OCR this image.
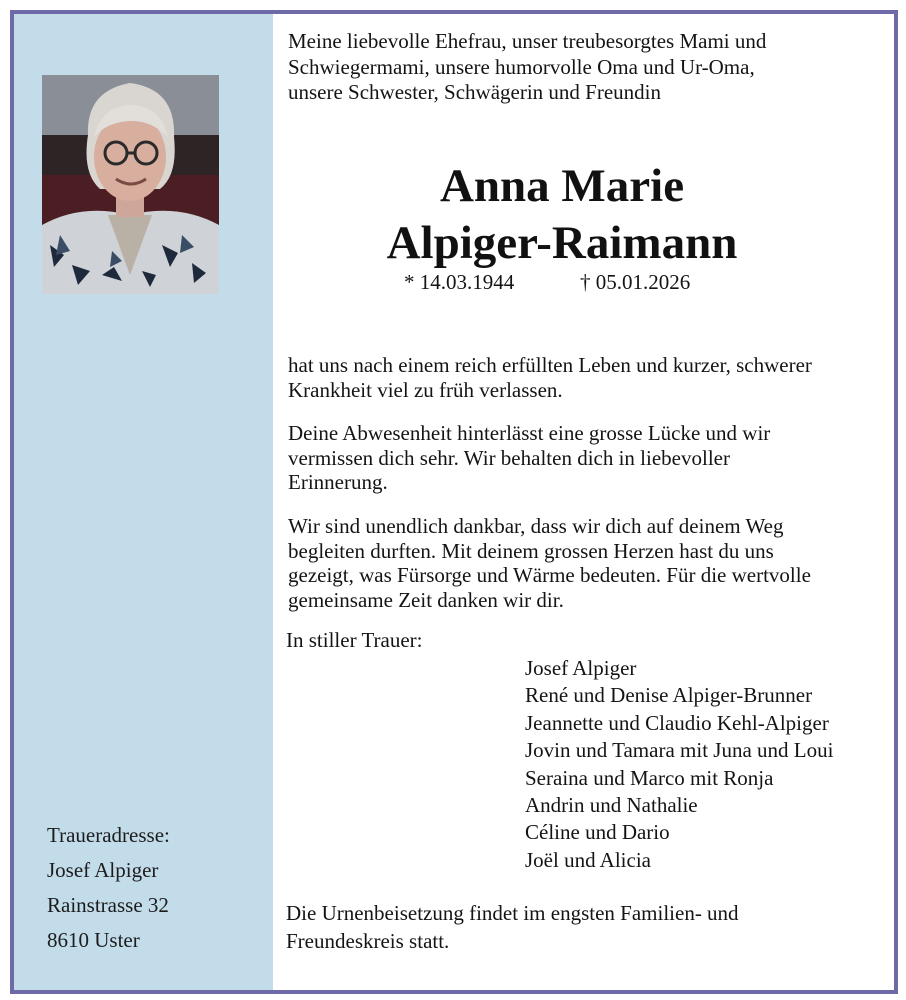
Traueradresse:
Josef Alpiger
Rainstrasse 32
8610 Uster
Meine liebevolle Ehefrau, unser treubesorgtes Mami und
Schwiegermami, unsere humorvolle Oma und Ur-Oma,
unsere Schwester, Schwägerin und Freundin
Anna Marie
Alpiger-Raimann
* 14.03.1944	† 05.01.2026
hat uns nach einem reich erfüllten Leben und kurzer, schwerer
Krankheit viel zu früh verlassen.
Deine Abwesenheit hinterlässt eine grosse Lücke und wir
vermissen dich sehr. Wir behalten dich in liebevoller
Erinnerung.
Wir sind unendlich dankbar, dass wir dich auf deinem Weg
begleiten durften. Mit deinem grossen Herzen hast du uns
gezeigt, was Fürsorge und Wärme bedeuten. Für die wertvolle
gemeinsame Zeit danken wir dir.
In stiller Trauer:
Josef Alpiger
René und Denise Alpiger-Brunner
Jeannette und Claudio Kehl-Alpiger
Jovin und Tamara mit Juna und Loui
Seraina und Marco mit Ronja
Andrin und Nathalie
Céline und Dario
Joël und Alicia
Die Urnenbeisetzung findet im engsten Familien- und
Freundeskreis statt.
